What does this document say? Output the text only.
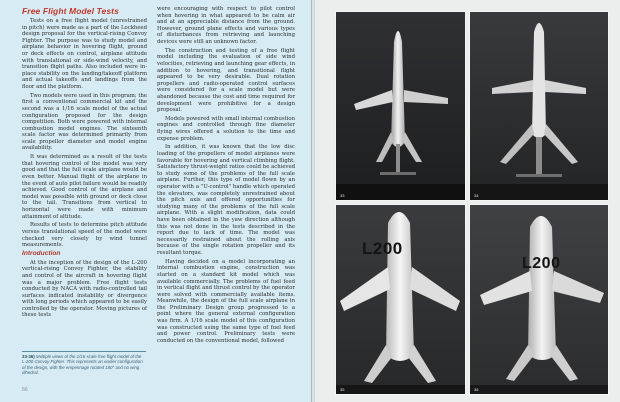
Free Flight Model Tests

Tests on a free flight model (unrestrained in pitch) were made as a part of the Lockheed design proposal for the vertical-rising Convoy Fighter. The purpose was to study model and airplane behavior in hovering flight, ground or deck effects on control, airplane attitude with translational or side-wind velocity, and transition flight paths. Also included were in-place stability on the landing/takeoff platform and actual takeoffs and landings from the floor and the platform.

Two models were used in this program; the first a conventional commercial kit and the second was a 1/16 scale model of the actual configuration proposed for the design competition. Both were powered with internal combustion model engines. The sixteenth scale factor was determined primarily from scale propeller diameter and model engine availability.

It was determined as a result of the tests that hovering control of the model was very good and that the full scale airplane would be even better. Manual flight of the airplane in the event of auto pilot failure would be readily achieved. Good control of the airplane and model was possible with ground or deck close to the tail. Transitions from vertical to horizontal were made with minimum attainment of altitude.

Results of tests to determine pitch attitude versus translational speed of the model were checked very closely by wind tunnel measurements.

Introduction

At the inception of the design of the L-200 vertical-rising Convoy Fighter, the stability and control of the aircraft in hovering flight was a major problem. Free flight tests conducted by NACA with radio-controlled tail surfaces indicated instability or divergence with long periods which appeared to be easily controlled by the operator. Moving pictures of these tests

were encouraging with respect to pilot control when hovering in what appeared to be calm air and at an appreciable distance from the ground. However, ground plane effects and various types of disturbances from retrieving and launching devices were still an unknown factor.

The construction and testing of a free flight model including the evaluation of side wind velocities, retrieving and launching gear effects, in addition to hovering, and transitional flight appeared to be very desirable. Dual rotation propellers and radio-operated control surfaces were considered for a scale model but were abandoned because the cost and time required for development were prohibitive for a design proposal.

Models powered with small internal combustion engines and controlled through fine diameter flying wires offered a solution to the time and expense problem.

In addition, it was known that the low disc loading of the propellers of model airplanes were favorable for hovering and vertical climbing flight. Satisfactory thrust-weight ratios could be achieved to study some of the problems of the full scale airplane. Further, this type of model flown by an operator with a "U-control" handle which operated the elevators, was completely unrestrained about the pitch axis and offered opportunities for studying many of the problems of the full scale airplane. With a slight modification, data could have been obtained in the yaw direction although this was not done in the tests described in the report due to lack of time. The model was necessarily restrained about the rolling axis because of the single rotation propeller and its resultant torque.

Having decided on a model incorporating an internal combustion engine, construction was started on a standard kit model which was available commercially. The problems of fuel feed in vertical flight and thrust control by the operator were solved with commercially available items. Meanwhile, the design of the full scale airplane in the Preliminary Design group progressed to a point where the general external configuration was firm. A 1/16 scale model of this configuration was constructed using the same type of fuel feed and power control. Preliminary tests were conducted on the conventional model, followed

33-36) Multiple views of the 1/16 scale free flight model of the L-200 Convoy Fighter. This represents an earlier configuration of the design, with the empennage rotated 180° and no wing dihedral.
66
33	34
L200
35
L200
36
